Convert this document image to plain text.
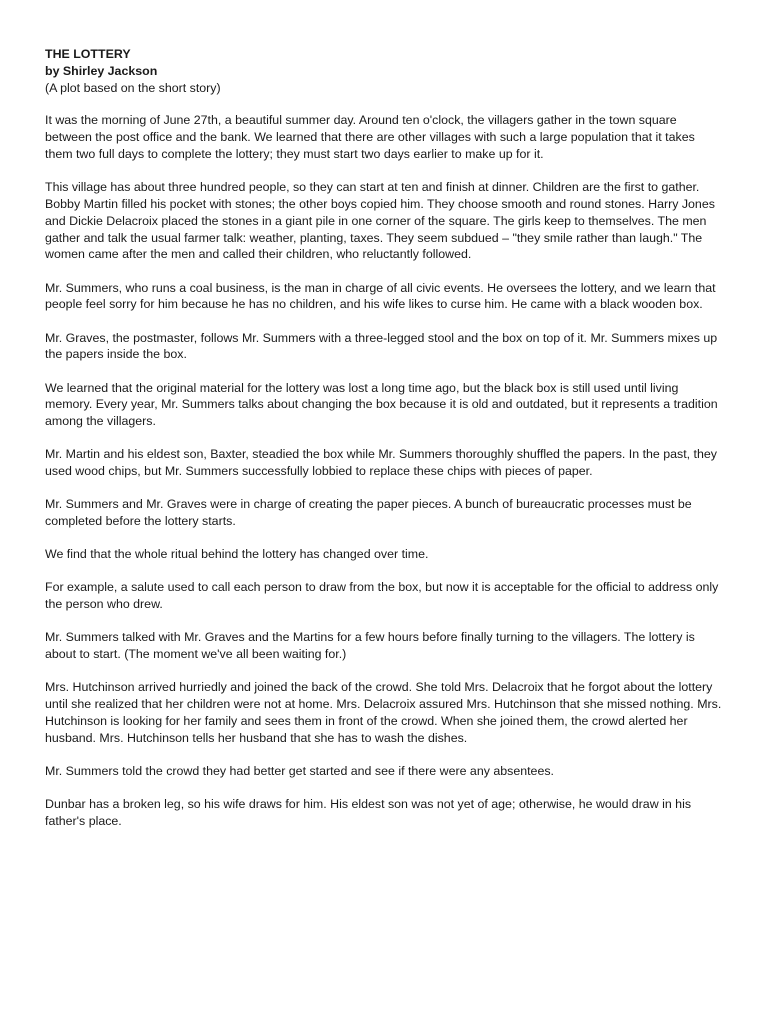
THE LOTTERY
by Shirley Jackson
(A plot based on the short story)

It was the morning of June 27th, a beautiful summer day. Around ten o'clock, the villagers gather in the town square between the post office and the bank. We learned that there are other villages with such a large population that it takes them two full days to complete the lottery; they must start two days earlier to make up for it.

This village has about three hundred people, so they can start at ten and finish at dinner. Children are the first to gather. Bobby Martin filled his pocket with stones; the other boys copied him. They choose smooth and round stones. Harry Jones and Dickie Delacroix placed the stones in a giant pile in one corner of the square. The girls keep to themselves. The men gather and talk the usual farmer talk: weather, planting, taxes. They seem subdued – "they smile rather than laugh." The women came after the men and called their children, who reluctantly followed.

Mr. Summers, who runs a coal business, is the man in charge of all civic events. He oversees the lottery, and we learn that people feel sorry for him because he has no children, and his wife likes to curse him. He came with a black wooden box.

Mr. Graves, the postmaster, follows Mr. Summers with a three-legged stool and the box on top of it. Mr. Summers mixes up the papers inside the box.

We learned that the original material for the lottery was lost a long time ago, but the black box is still used until living memory. Every year, Mr. Summers talks about changing the box because it is old and outdated, but it represents a tradition among the villagers.

Mr. Martin and his eldest son, Baxter, steadied the box while Mr. Summers thoroughly shuffled the papers. In the past, they used wood chips, but Mr. Summers successfully lobbied to replace these chips with pieces of paper.

Mr. Summers and Mr. Graves were in charge of creating the paper pieces. A bunch of bureaucratic processes must be completed before the lottery starts.

We find that the whole ritual behind the lottery has changed over time.

For example, a salute used to call each person to draw from the box, but now it is acceptable for the official to address only the person who drew.

Mr. Summers talked with Mr. Graves and the Martins for a few hours before finally turning to the villagers. The lottery is about to start. (The moment we've all been waiting for.)

Mrs. Hutchinson arrived hurriedly and joined the back of the crowd. She told Mrs. Delacroix that he forgot about the lottery until she realized that her children were not at home. Mrs. Delacroix assured Mrs. Hutchinson that she missed nothing. Mrs. Hutchinson is looking for her family and sees them in front of the crowd. When she joined them, the crowd alerted her husband. Mrs. Hutchinson tells her husband that she has to wash the dishes.

Mr. Summers told the crowd they had better get started and see if there were any absentees.

Dunbar has a broken leg, so his wife draws for him. His eldest son was not yet of age; otherwise, he would draw in his father's place.
